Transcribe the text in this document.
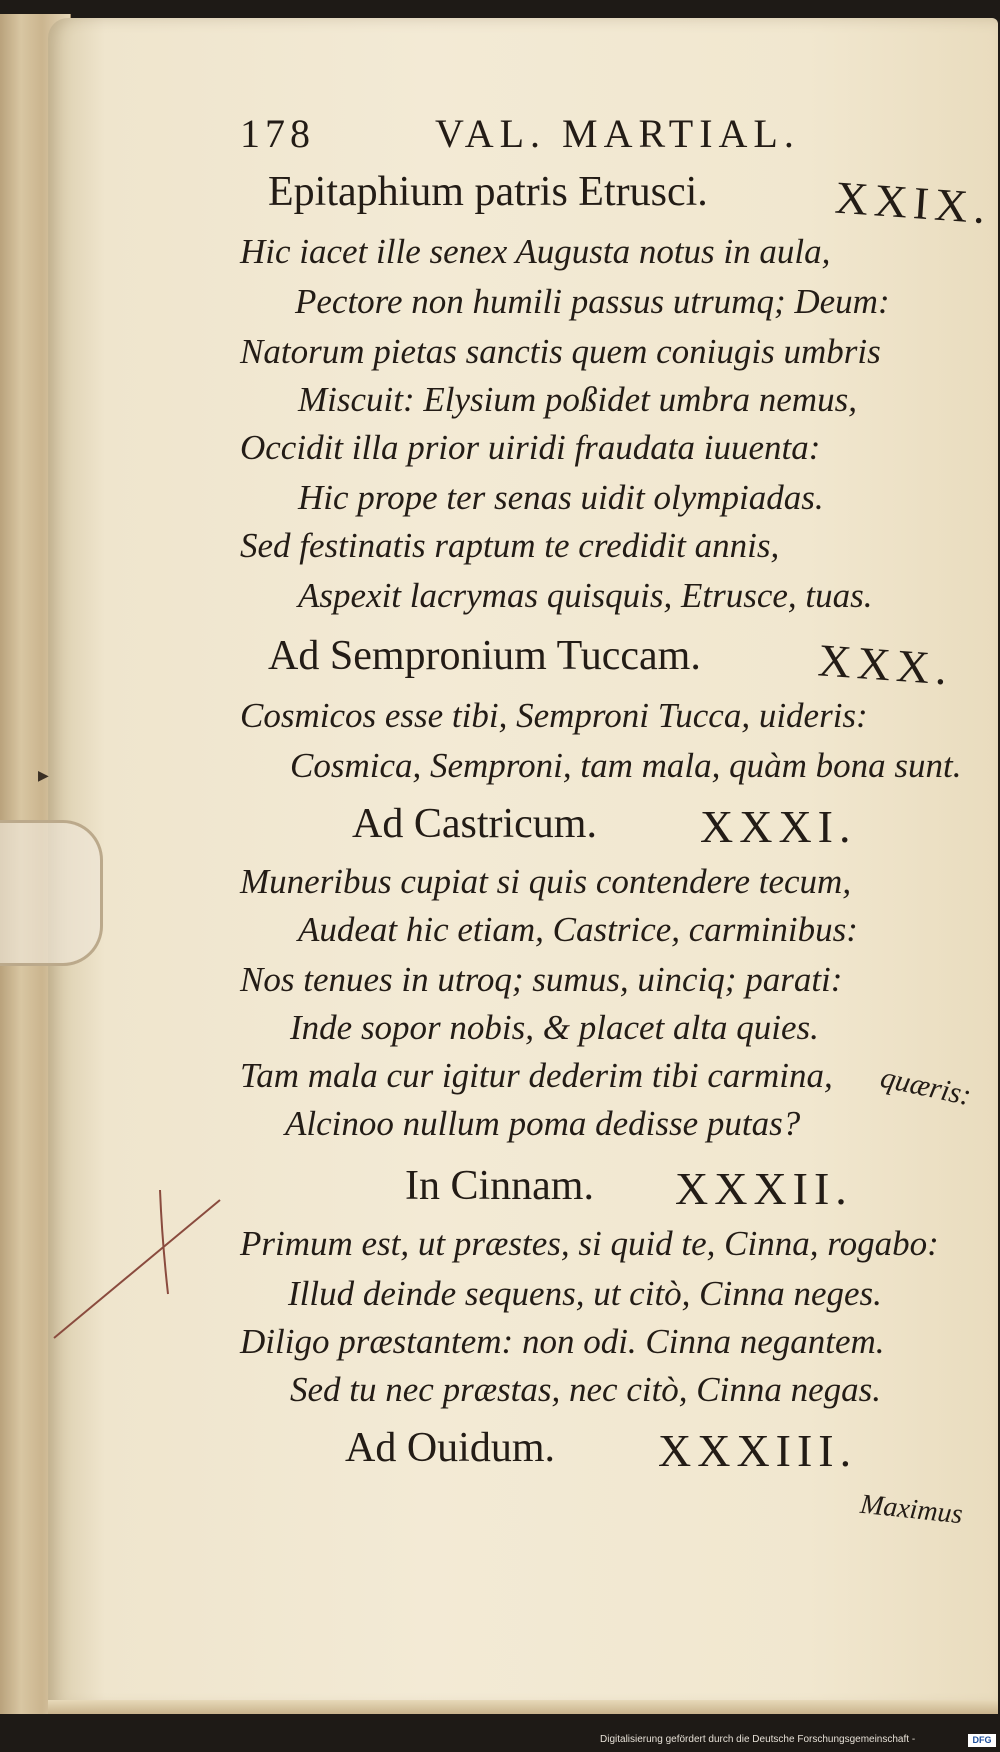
▶
178	VAL. MARTIAL.
Epitaphium patris Etrusci.	XXIX.
Hic iacet ille senex Augusta notus in aula,
Pectore non humili passus utrumq; Deum:
Natorum pietas sanctis quem coniugis umbris
Miscuit: Elysium poßidet umbra nemus,
Occidit illa prior uiridi fraudata iuuenta:
Hic prope ter senas uidit olympiadas.
Sed festinatis raptum te credidit annis,
Aspexit lacrymas quisquis, Etrusce, tuas.
Ad Sempronium Tuccam.	XXX.
Cosmicos esse tibi, Semproni Tucca, uideris:
Cosmica, Semproni, tam mala, quàm bona sunt.
Ad Castricum. XXXI.
Muneribus cupiat si quis contendere tecum,
Audeat hic etiam, Castrice, carminibus:
Nos tenues in utroq; sumus, uinciq; parati:
Inde sopor nobis, & placet alta quies.
Tam mala cur igitur dederim tibi carmina, quæris:
Alcinoo nullum poma dedisse putas?
In Cinnam. XXXII.
Primum est, ut præstes, si quid te, Cinna, rogabo:
Illud deinde sequens, ut citò, Cinna neges.
Diligo præstantem: non odi. Cinna negantem.
Sed tu nec præstas, nec citò, Cinna negas.
Ad Ouidum. XXXIII.
Maximus
Digitalisierung gefördert durch die Deutsche Forschungsgemeinschaft -	DFG
